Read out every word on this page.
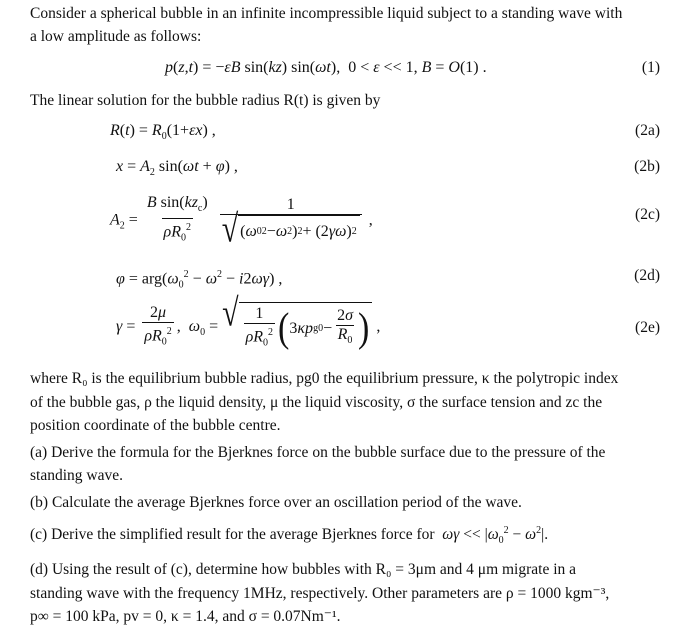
Consider a spherical bubble in an infinite incompressible liquid subject to a standing wave with
a low amplitude as follows:
p(z,t) = −εB sin(kz) sin(ωt),  0 < ε << 1, B = O(1) .	(1)
The linear solution for the bubble radius R(t) is given by
$R(t) = R_0(1+\varepsilon x)$ ,	(2a)
$x = A_2$ sin(ωt + φ) ,	(2b)
$A_2 = \frac{B \sin(kz_c)}{\rho R_0^2}$
$\frac{1}{√ ( \omega 0 2 - \omega 2 ) 2 + (2 \gamma\omega ) 2}$ ,	(2c)
$\varphi = arg(\omega_0^2 - \omega^2 - i2\omega\gamma)$ ,	(2d)
$\gamma = \frac{2\mu}{\rho R_0^2}$ ,  $\omega_0$ = √ $\frac{1}{\rho R_0^2}$ ( 3 κp $g0 - \frac{2\sigma}{R_0}$ ) ,	(2e)
where R₀ is the equilibrium bubble radius, pg0 the equilibrium pressure, κ the polytropic index
of the bubble gas, ρ the liquid density, μ the liquid viscosity, σ the surface tension and zc the
position coordinate of the bubble centre.
(a) Derive the formula for the Bjerknes force on the bubble surface due to the pressure of the
standing wave.
(b) Calculate the average Bjerknes force over an oscillation period of the wave.
(c) Derive the simplified result for the average Bjerknes force for $\omega\gamma << |\omega_0^2 - \omega^2|$.
(d) Using the result of (c), determine how bubbles with R₀ = 3μm and 4 μm migrate in a
standing wave with the frequency 1MHz, respectively. Other parameters are ρ = 1000 kgm⁻³,
p∞ = 100 kPa, pv = 0, κ = 1.4, and σ = 0.07Nm⁻¹.
